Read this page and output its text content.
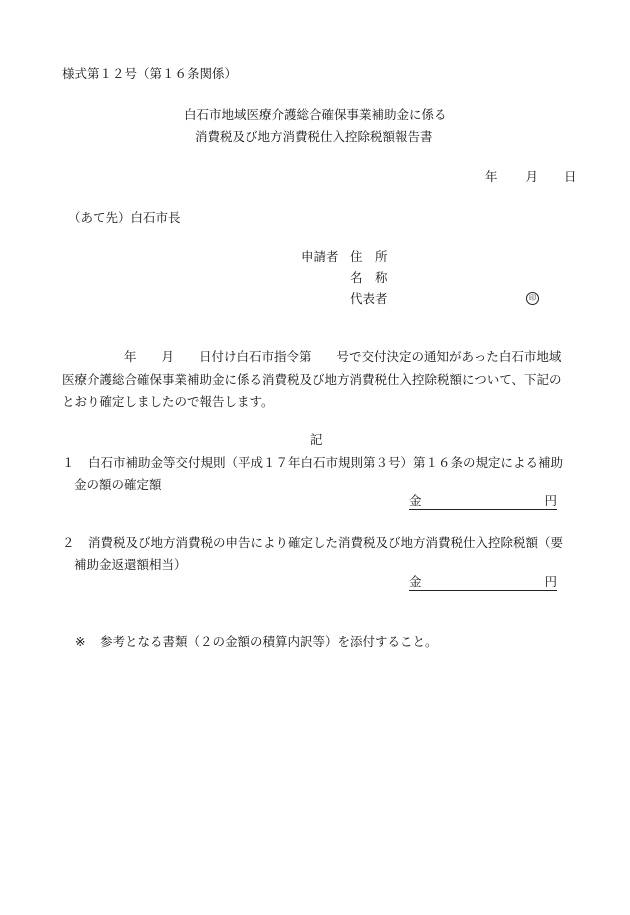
様式第１２号（第１６条関係）
白石市地域医療介護総合確保事業補助金に係る
消費税及び地方消費税仕入控除税額報告書
年 月 日
（あて先）白石市長
申請者 住　所
名　称
代表者	印
年　　月　　日付け白石市指令第　　号で交付決定の通知があった白石市地域
医療介護総合確保事業補助金に係る消費税及び地方消費税仕入控除税額について、下記の
とおり確定しましたので報告します。
記
１ 白石市補助金等交付規則（平成１７年白石市規則第３号）第１６条の規定による補助
金の額の確定額
金	円
２ 消費税及び地方消費税の申告により確定した消費税及び地方消費税仕入控除税額（要
補助金返還額相当）
金	円
※ 参考となる書類（２の金額の積算内訳等）を添付すること。
